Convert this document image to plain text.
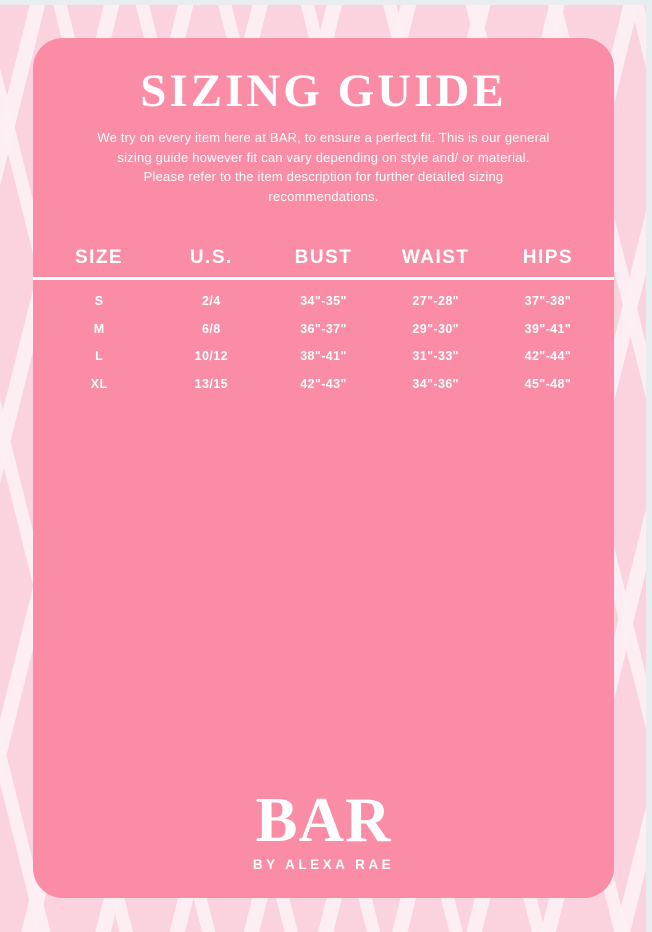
SIZING GUIDE
We try on every item here at BAR, to ensure a perfect fit. This is our general
sizing guide however fit can vary depending on style and/ or material.
Please refer to the item description for further detailed sizing
recommendations.
SIZE	U.S.	BUST	WAIST	HIPS
S	2/4	34"-35"	27"-28"	37"-38"
M	6/8	36"-37"	29"-30"	39"-41"
L	10/12	38"-41"	31"-33"	42"-44"
XL	13/15	42"-43"	34"-36"	45"-48"
BAR
BY ALEXA RAE
